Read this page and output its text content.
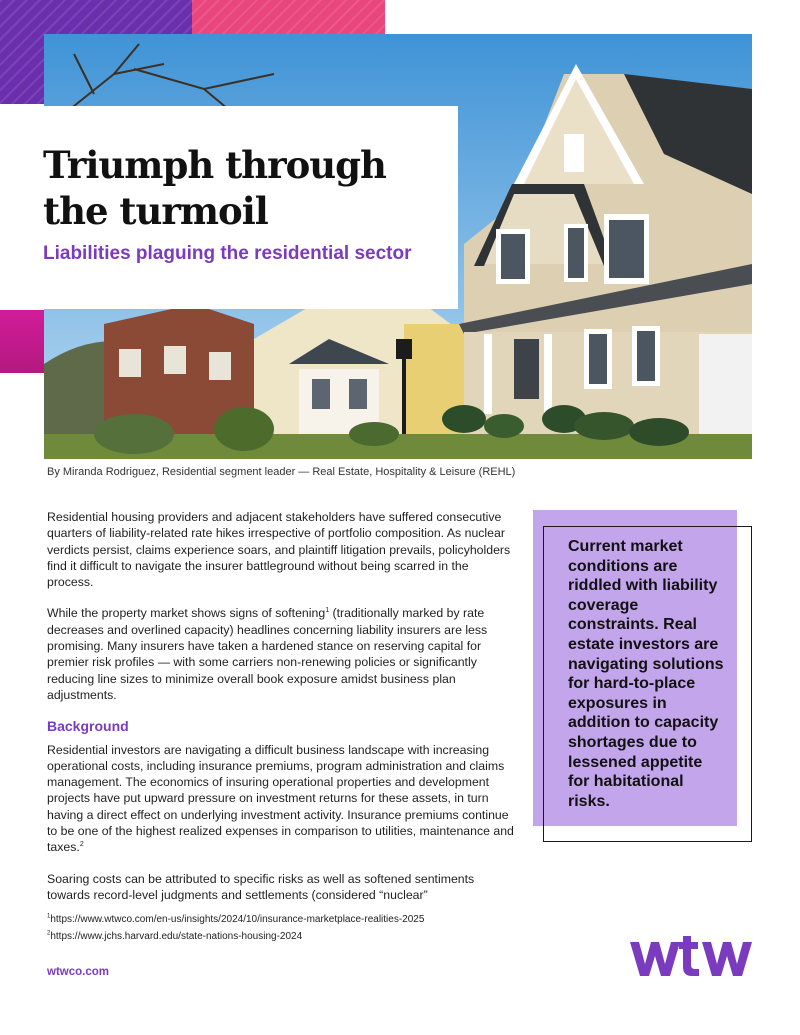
Triumph through the turmoil
Liabilities plaguing the residential sector

By Miranda Rodriguez, Residential segment leader — Real Estate, Hospitality & Leisure (REHL)

Residential housing providers and adjacent stakeholders have suffered consecutive quarters of liability-related rate hikes irrespective of portfolio composition. As nuclear verdicts persist, claims experience soars, and plaintiff litigation prevails, policyholders find it difficult to navigate the insurer battleground without being scarred in the process.

While the property market shows signs of softening$^1$ (traditionally marked by rate decreases and overlined capacity) headlines concerning liability insurers are less promising. Many insurers have taken a hardened stance on reserving capital for premier risk profiles — with some carriers non-renewing policies or significantly reducing line sizes to minimize overall book exposure amidst business plan adjustments.

Background

Residential investors are navigating a difficult business landscape with increasing operational costs, including insurance premiums, program administration and claims management. The economics of insuring operational properties and development projects have put upward pressure on investment returns for these assets, in turn having a direct effect on underlying investment activity. Insurance premiums continue to be one of the highest realized expenses in comparison to utilities, maintenance and taxes.$^2$

Soaring costs can be attributed to specific risks as well as softened sentiments towards record-level judgments and settlements (considered “nuclear”

Current market conditions are riddled with liability coverage constraints. Real estate investors are navigating solutions for hard-to-place exposures in addition to capacity shortages due to lessened appetite for habitational risks.

$^1$https://www.wtwco.com/en-us/insights/2024/10/insurance-marketplace-realities-2025
$^2$https://www.jchs.harvard.edu/state-nations-housing-2024

wtwco.com
